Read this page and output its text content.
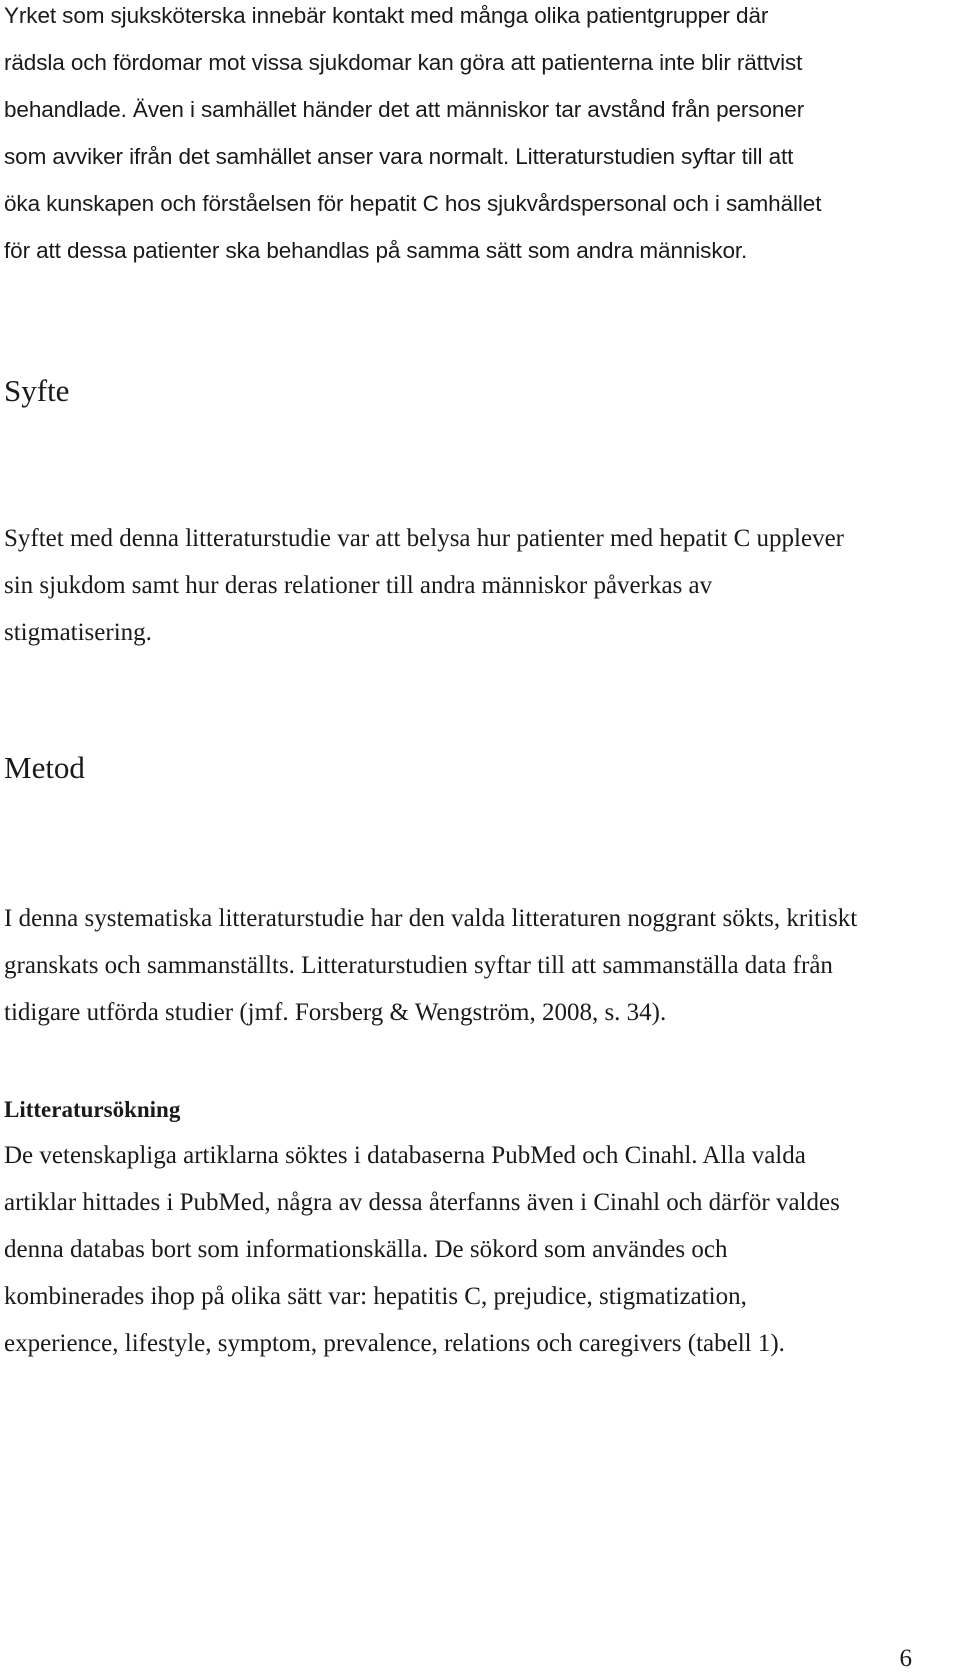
Yrket som sjuksköterska innebär kontakt med många olika patientgrupper där
rädsla och fördomar mot vissa sjukdomar kan göra att patienterna inte blir rättvist
behandlade. Även i samhället händer det att människor tar avstånd från personer
som avviker ifrån det samhället anser vara normalt. Litteraturstudien syftar till att
öka kunskapen och förståelsen för hepatit C hos sjukvårdspersonal och i samhället
för att dessa patienter ska behandlas på samma sätt som andra människor.

Syfte

Syftet med denna litteraturstudie var att belysa hur patienter med hepatit C upplever
sin sjukdom samt hur deras relationer till andra människor påverkas av
stigmatisering.

Metod

I denna systematiska litteraturstudie har den valda litteraturen noggrant sökts, kritiskt
granskats och sammanställts. Litteraturstudien syftar till att sammanställa data från
tidigare utförda studier (jmf. Forsberg & Wengström, 2008, s. 34).

Litteratursökning

De vetenskapliga artiklarna söktes i databaserna PubMed och Cinahl. Alla valda
artiklar hittades i PubMed, några av dessa återfanns även i Cinahl och därför valdes
denna databas bort som informationskälla. De sökord som användes och
kombinerades ihop på olika sätt var: hepatitis C, prejudice, stigmatization,
experience, lifestyle, symptom, prevalence, relations och caregivers (tabell 1).

6
